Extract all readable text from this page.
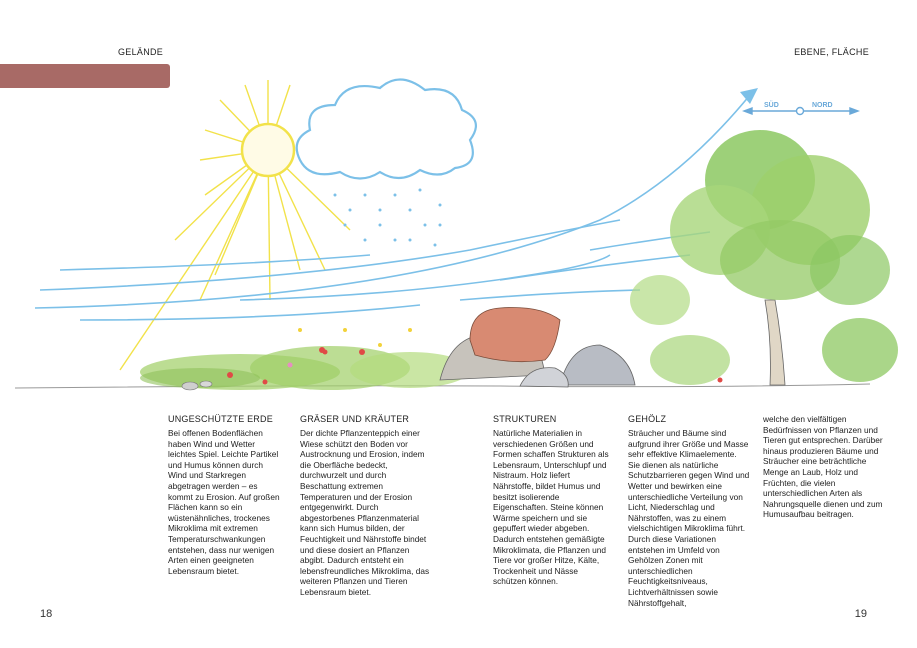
GELÄNDE	EBENE, FLÄCHE
SÜD	NORD
UNGESCHÜTZTE ERDE

Bei offenen Bodenflächen haben Wind und Wetter leichtes Spiel. Leichte Partikel und Humus können durch Wind und Starkregen abgetragen werden – es kommt zu Erosion. Auf großen Flächen kann so ein wüstenähnliches, trockenes Mikroklima mit extremen Temperaturschwankungen entstehen, dass nur wenigen Arten einen geeigneten Lebensraum bietet.

GRÄSER UND KRÄUTER

Der dichte Pflanzenteppich einer Wiese schützt den Boden vor Austrocknung und Erosion, indem die Oberfläche bedeckt, durchwurzelt und durch Beschattung extremen Temperaturen und der Erosion entgegenwirkt. Durch abgestorbenes Pflanzenmaterial kann sich Humus bilden, der Feuchtigkeit und Nährstoffe bindet und diese dosiert an Pflanzen abgibt. Dadurch entsteht ein lebensfreundliches Mikroklima, das weiteren Pflanzen und Tieren Lebensraum bietet.

STRUKTUREN

Natürliche Materialien in verschiedenen Größen und Formen schaffen Strukturen als Lebensraum, Unterschlupf und Nistraum. Holz liefert Nährstoffe, bildet Humus und besitzt isolierende Eigenschaften. Steine können Wärme speichern und sie gepuffert wieder abgeben. Dadurch entstehen gemäßigte Mikroklimata, die Pflanzen und Tiere vor großer Hitze, Kälte, Trockenheit und Nässe schützen können.

GEHÖLZ

Sträucher und Bäume sind aufgrund ihrer Größe und Masse sehr effektive Klimaelemente. Sie dienen als natürliche Schutzbarrieren gegen Wind und Wetter und bewirken eine unterschiedliche Verteilung von Licht, Niederschlag und Nährstoffen, was zu einem vielschichtigen Mikroklima führt. Durch diese Variationen entstehen im Umfeld von Gehölzen Zonen mit unterschiedlichen Feuchtigkeitsniveaus, Lichtverhältnissen sowie Nährstoffgehalt,

welche den vielfältigen Bedürfnissen von Pflanzen und Tieren gut entsprechen. Darüber hinaus produzieren Bäume und Sträucher eine beträchtliche Menge an Laub, Holz und Früchten, die vielen unterschiedlichen Arten als Nahrungsquelle dienen und zum Humusaufbau beitragen.

18	19
